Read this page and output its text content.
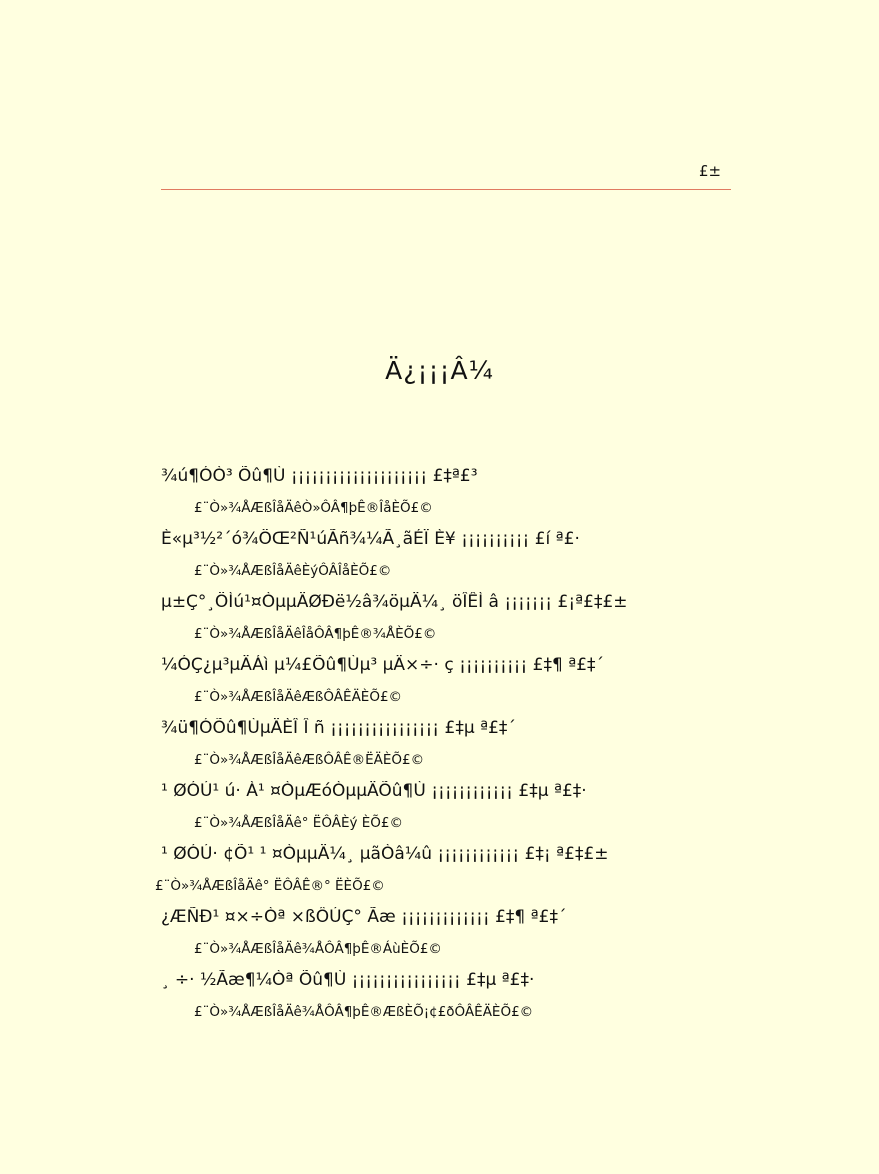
£±
Ä¿¡¡¡Â¼
¾ú¶ÓÒ³ Õû¶Ù ¡¡¡¡¡¡¡¡¡¡¡¡¡¡¡¡¡¡¡¡ £‡ª£³
£¨Ò»¾ÅÆßÎåÄêÒ»ÔÂ¶þÊ®ÎåÈÕ£©
È«µ³½²´ó¾ÖŒ²Ñ¹úÃñ¾¼Ã¸ãÉÏ È¥ ¡¡¡¡¡¡¡¡¡¡ £í ª£·
£¨Ò»¾ÅÆßÎåÄêÈýÔÂÎåÈÕ£©
µ±Ç°¸ÖÌú¹¤ÒµµÄØÐë½â¾öµÄ¼¸ öÎÊÌ â ¡¡¡¡¡¡¡ £¡ª£‡£±
£¨Ò»¾ÅÆßÎåÄêÎåÔÂ¶þÊ®¾ÅÈÕ£©
¼ÓÇ¿µ³µÄÁì µ¼£Õû¶Ùµ³ µÄ×÷· ç ¡¡¡¡¡¡¡¡¡¡ £‡¶ ª£‡´
£¨Ò»¾ÅÆßÎåÄêÆßÔÂÊÄÈÕ£©
¾ü¶ÓÕû¶ÙµÄÈÎ Î ñ ¡¡¡¡¡¡¡¡¡¡¡¡¡¡¡¡ £‡µ ª£‡´
£¨Ò»¾ÅÆßÎåÄêÆßÔÂÊ®ËÄÈÕ£©
¹ ØÓÚ¹ ú· À¹ ¤ÒµÆóÒµµÄÕû¶Ù ¡¡¡¡¡¡¡¡¡¡¡¡ £‡µ ª£‡·
£¨Ò»¾ÅÆßÎåÄê° ËÔÂÈý ÈÕ£©
¹ ØÓÚ· ¢Õ¹ ¹ ¤ÒµµÄ¼¸ µãÒâ¼û ¡¡¡¡¡¡¡¡¡¡¡¡ £‡¡ ª£‡£±
£¨Ò»¾ÅÆßÎåÄê° ËÔÂÊ®° ËÈÕ£©
¿ÆÑÐ¹ ¤×÷Òª ×ßÔÚÇ° Ãæ ¡¡¡¡¡¡¡¡¡¡¡¡¡ £‡¶ ª£‡´
£¨Ò»¾ÅÆßÎåÄê¾ÅÔÂ¶þÊ®ÁùÈÕ£©
¸ ÷· ½Ãæ¶¼Òª Õû¶Ù ¡¡¡¡¡¡¡¡¡¡¡¡¡¡¡¡ £‡µ ª£‡·
£¨Ò»¾ÅÆßÎåÄê¾ÅÔÂ¶þÊ®ÆßÈÕ¡¢£ðÔÂÊÄÈÕ£©
